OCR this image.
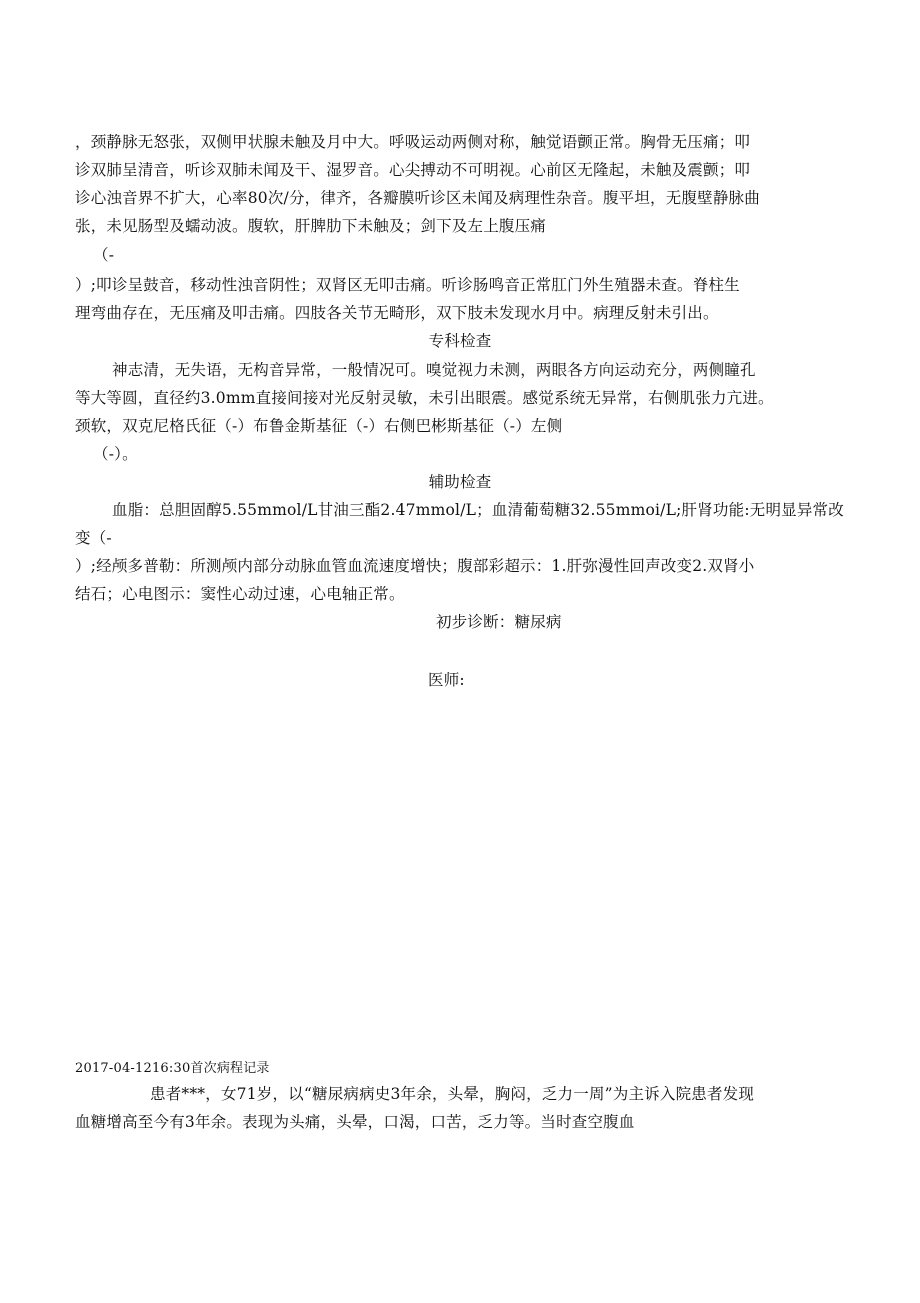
，颈静脉无怒张，双侧甲状腺未触及月中大。呼吸运动两侧对称，触觉语颤正常。胸骨无压痛；叩
诊双肺呈清音，听诊双肺未闻及干、湿罗音。心尖搏动不可明视。心前区无隆起，未触及震颤；叩
诊心浊音界不扩大，心率80次/分，律齐，各瓣膜听诊区未闻及病理性杂音。腹平坦，无腹壁静脉曲
张，未见肠型及蠕动波。腹软，肝脾肋下未触及；剑下及左上腹压痛
（-
）;叩诊呈鼓音，移动性浊音阴性；双肾区无叩击痛。听诊肠鸣音正常肛门外生殖器未查。脊柱生
理弯曲存在，无压痛及叩击痛。四肢各关节无畸形，双下肢未发现水月中。病理反射未引出。
专科检查
神志清，无失语，无构音异常，一般情况可。嗅觉视力未测，两眼各方向运动充分，两侧瞳孔
等大等圆，直径约3.0mm直接间接对光反射灵敏，未引出眼震。感觉系统无异常，右侧肌张力亢进。
颈软，双克尼格氏征（-）布鲁金斯基征（-）右侧巴彬斯基征（-）左侧
（-）。
辅助检查
血脂：总胆固醇5.55mmol/L甘油三酯2.47mmol/L；血清葡萄糖32.55mmoi/L;肝肾功能:无明显异常改
变（-
）;经颅多普勒：所测颅内部分动脉血管血流速度增快；腹部彩超示：1.肝弥漫性回声改变2.双肾小
结石；心电图示：窦性心动过速，心电轴正常。
初步诊断：糖尿病
医师:
2017-04-1216:30首次病程记录
患者***，女71岁，以“糖尿病病史3年余，头晕，胸闷，乏力一周”为主诉入院患者发现
血糖增高至今有3年余。表现为头痛，头晕，口渴，口苦，乏力等。当时查空腹血
